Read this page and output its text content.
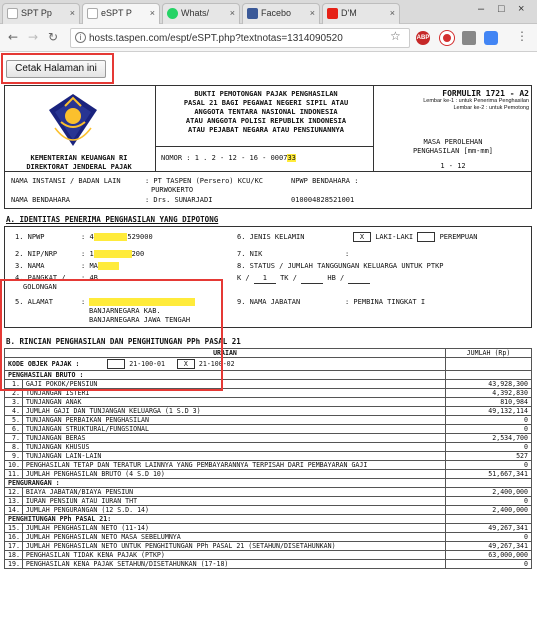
SPT Pp ×	eSPT P ×	Whats/ ×	Facebo ×	D'M	×	– □ ×
← → ↻	i hosts.taspen.com/espt/eSPT.php?textnotas=1314090520	☆	ABP	⋮
Cetak Halaman ini
KEMENTERIAN KEUANGAN RI
DIREKTORAT JENDERAL PAJAK
BUKTI PEMOTONGAN PAJAK PENGHASILAN
PASAL 21 BAGI PEGAWAI NEGERI SIPIL ATAU
ANGGOTA TENTARA NASIONAL INDONESIA
ATAU ANGGOTA POLISI REPUBLIK INDONESIA
ATAU PEJABAT NEGARA ATAU PENSIUNANNYA
NOMOR : 1 . 2 - 12 - 16 - 000733
FORMULIR 1721 - A2
Lembar ke-1 : untuk Penerima Penghasilan
Lembar ke-2 : untuk Pemotong
MASA PEROLEHAN
PENGHASILAN [mm-mm]
1 - 12
NAMA INSTANSI / BADAN LAIN	: PT TASPEN (Persero) KCU/KC
PURWOKERTO
NAMA BENDAHARA	: Drs. SUNARJADI
NPWP BENDAHARA :
010004828521001
A. IDENTITAS PENERIMA PENGHASILAN YANG DIPOTONG
1. NPWP	: 4	529000
2. NIP/NRP	: 1	200
3. NAMA	: MA
4. PANGKAT /
GOLONGAN
: 4B
5. ALAMAT	:
BANJARNEGARA KAB.
BANJARNEGARA JAWA TENGAH
6. JENIS KELAMIN	X LAKI-LAKI	PEREMPUAN
7. NIK	:
8. STATUS / JUMLAH TANGGUNGAN KELUARGA UNTUK PTKP
K / 1 TK /	HB /
9. NAMA JABATAN	: PEMBINA TINGKAT I
B. RINCIAN PENGHASILAN DAN PENGHITUNGAN PPh PASAL 21
URAIAN		JUMLAH (Rp)
KODE OBJEK PAJAK : 21-100-01 X 21-100-02		
PENGHASILAN BRUTO :		
1.	GAJI POKOK/PENSIUN	43,928,300
2.	TUNJANGAN ISTERI	4,392,830
3.	TUNJANGAN ANAK	810,984
4.	JUMLAH GAJI DAN TUNJANGAN KELUARGA (1 S.D 3)	49,132,114
5.	TUNJANGAN PERBAIKAN PENGHASILAN	0
6.	TUNJANGAN STRUKTURAL/FUNGSIONAL	0
7.	TUNJANGAN BERAS	2,534,700
8.	TUNJANGAN KHUSUS	0
9.	TUNJANGAN LAIN-LAIN	527
10.	PENGHASILAN TETAP DAN TERATUR LAINNYA YANG PEMBAYARANNYA TERPISAH DARI PEMBAYARAN GAJI	0
11.	JUMLAH PENGHASILAN BRUTO (4 S.D 10)	51,667,341
PENGURANGAN :		
12.	BIAYA JABATAN/BIAYA PENSIUN	2,400,000
13.	IURAN PENSIUN ATAU IURAN THT	0
14.	JUMLAH PENGURANGAN (12 S.D. 14)	2,400,000
PENGHITUNGAN PPh PASAL 21:		
15.	JUMLAH PENGHASILAN NETO (11-14)	49,267,341
16.	JUMLAH PENGHASILAN NETO MASA SEBELUMNYA	0
17.	JUMLAH PENGHASILAN NETO UNTUK PENGHITUNGAN PPh PASAL 21 (SETAHUN/DISETAHUNKAN)	49,267,341
18.	PENGHASILAN TIDAK KENA PAJAK (PTKP)	63,000,000
19.	PENGHASILAN KENA PAJAK SETAHUN/DISETAHUNKAN (17-18)	0
